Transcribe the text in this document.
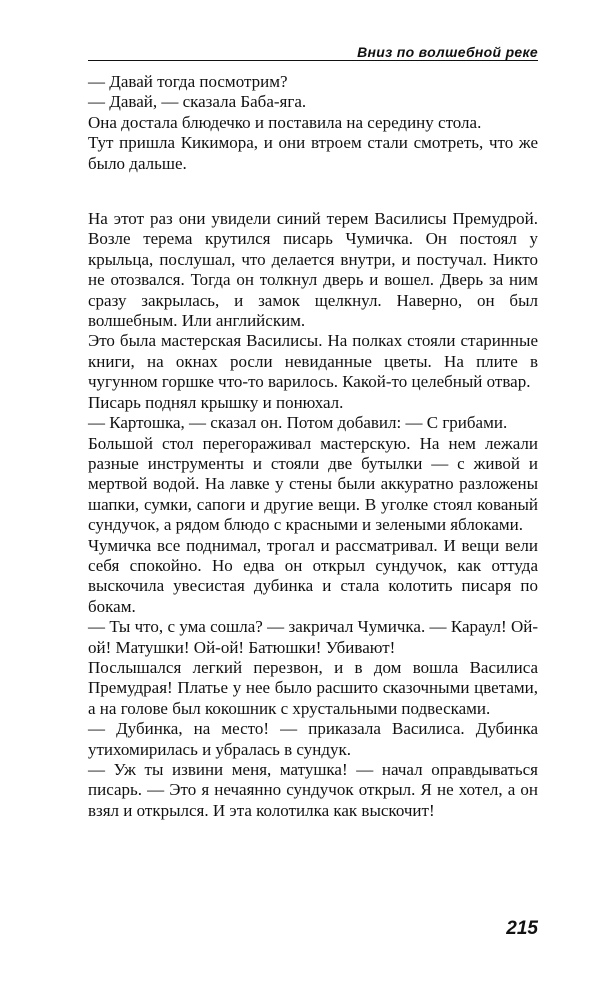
Вниз по волшебной реке

— Давай тогда посмотрим?

— Давай, — сказала Баба-яга.

Она достала блюдечко и поставила на середину стола.

Тут пришла Кикимора, и они втроем стали смотреть, что же было дальше.

На этот раз они увидели синий терем Василисы Премудрой. Возле терема крутился писарь Чумичка. Он постоял у крыльца, послушал, что делается внутри, и постучал. Никто не отозвался. Тогда он толкнул дверь и вошел. Дверь за ним сразу закрылась, и замок щелкнул. Наверно, он был волшебным. Или английским.

Это была мастерская Василисы. На полках стояли старинные книги, на окнах росли невиданные цветы. На плите в чугунном горшке что-то варилось. Какой-то целебный отвар.

Писарь поднял крышку и понюхал.

— Картошка, — сказал он. Потом добавил: — С грибами.

Большой стол перегораживал мастерскую. На нем лежали разные инструменты и стояли две бутылки — с живой и мертвой водой. На лавке у стены были аккуратно разложены шапки, сумки, сапоги и другие вещи. В уголке стоял кованый сундучок, а рядом блюдо с красными и зелеными яблоками.

Чумичка все поднимал, трогал и рассматривал. И вещи вели себя спокойно. Но едва он открыл сундучок, как оттуда выскочила увесистая дубинка и стала колотить писаря по бокам.

— Ты что, с ума сошла? — закричал Чумичка. — Караул! Ой-ой! Матушки! Ой-ой! Батюшки! Убивают!

Послышался легкий перезвон, и в дом вошла Василиса Премудрая! Платье у нее было расшито сказочными цветами, а на голове был кокошник с хрустальными подвесками.

— Дубинка, на место! — приказала Василиса. Дубинка утихомирилась и убралась в сундук.

— Уж ты извини меня, матушка! — начал оправдываться писарь. — Это я нечаянно сундучок открыл. Я не хотел, а он взял и открылся. И эта колотилка как выскочит!

215
